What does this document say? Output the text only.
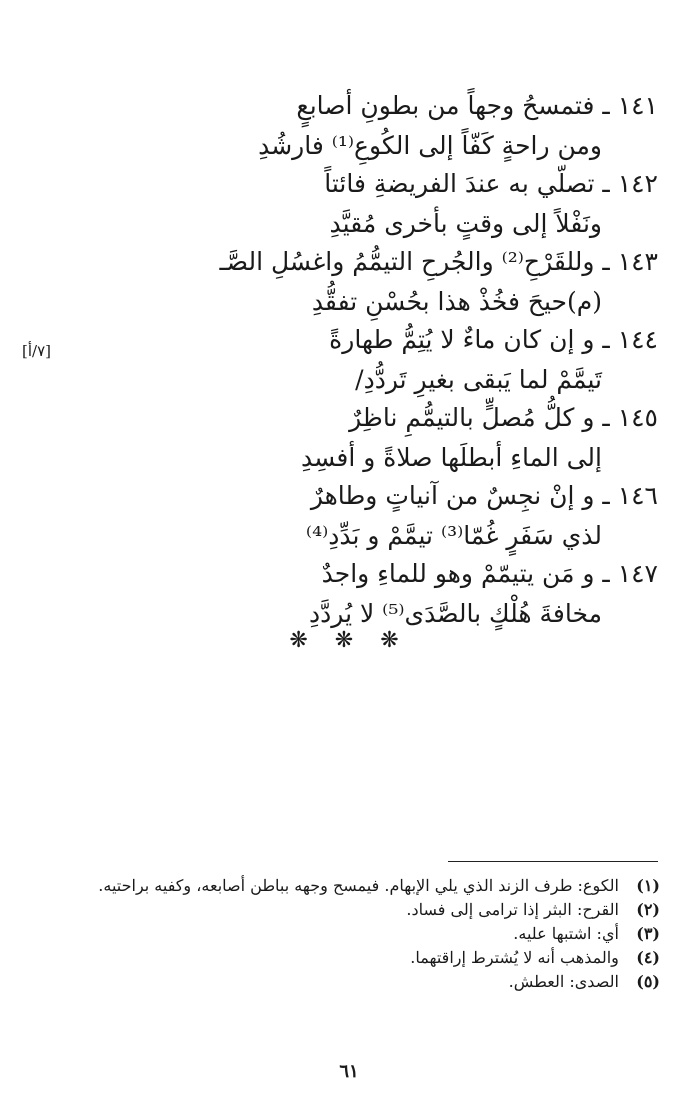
١٤١ ـ فتمسحُ وجهاً من بطونِ أصابعٍ
ومن راحةٍ كَفّاً إلى الكُوعِ⁽¹⁾ فارشُدِ
١٤٢ ـ تصلّي به عندَ الفريضةِ فائتاً
ونَفْلاً إلى وقتٍ بأخرى مُقيَّدِ
١٤٣ ـ وللقَرْحِ⁽²⁾ والجُرحِ التيمُّمُ واغسُلِ الصَّـ
(م)حيحَ فخُذْ هذا بحُسْنِ تفقُّدِ
١٤٤ ـ و إن كان ماءٌ لا يُتِمُّ طهارةً
تَيمَّمْ لما يَبقى بغيرِ تَردُّدِ/
[٧/أ]
١٤٥ ـ و كلُّ مُصلٍّ بالتيمُّمِ ناظِرٌ
إلى الماءِ أبطلَها صلاةً و أفسِدِ
١٤٦ ـ و إنْ نجِسٌ من آنياتٍ وطاهرٌ
لذي سَفَرٍ غُمّا⁽³⁾ تيمَّمْ و بَدِّدِ⁽⁴⁾
١٤٧ ـ و مَن يتيمّمْ وهو للماءِ واجدٌ
مخافةَ هُلْكٍ بالصَّدَى⁽⁵⁾ لا يُردَّدِ
❋ ❋ ❋
(١) الكوع: طرف الزند الذي يلي الإبهام. فيمسح وجهه بباطن أصابعه، وكفيه براحتيه.
(٢) القرح: البثر إذا ترامى إلى فساد.
(٣) أي: اشتبها عليه.
(٤) والمذهب أنه لا يُشترط إراقتهما.
(٥) الصدى: العطش.
٦١
